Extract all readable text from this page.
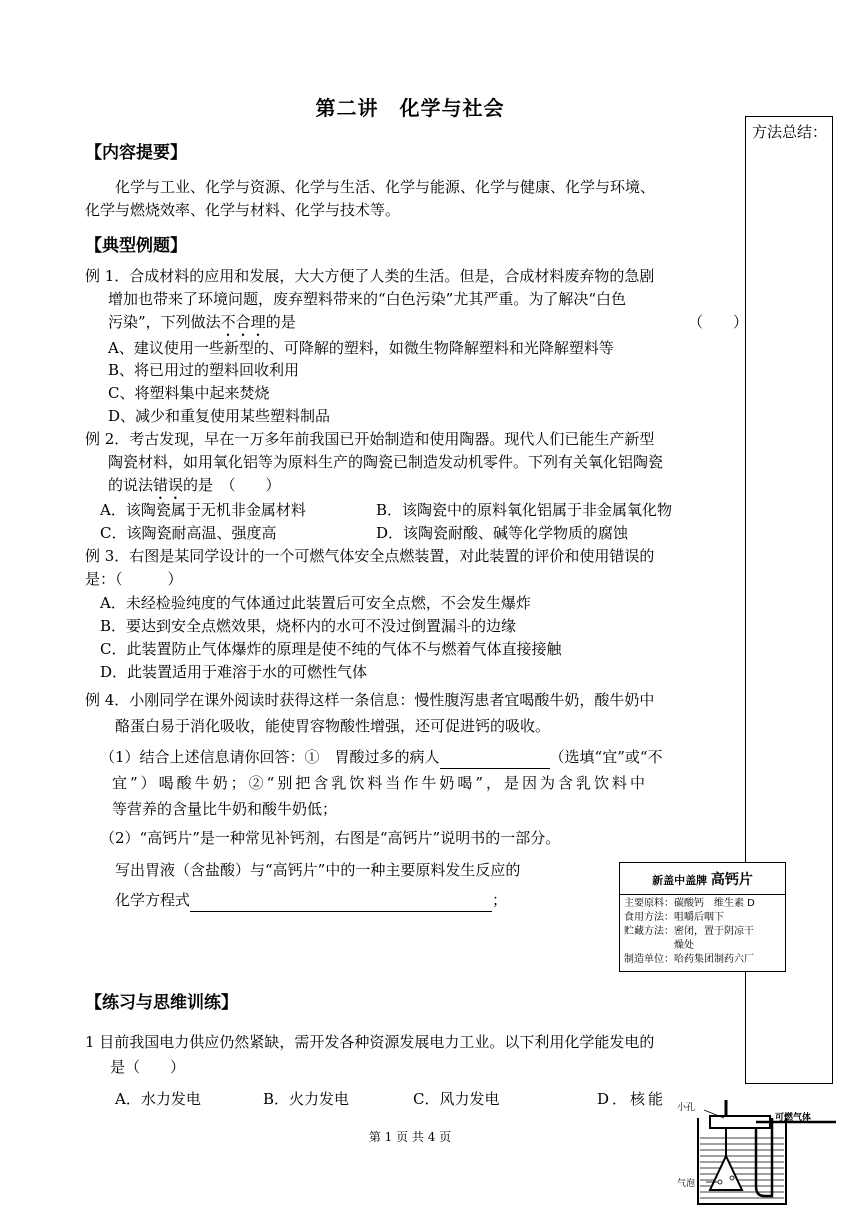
第二讲　化学与社会
方法总结：
【内容提要】
化学与工业、化学与资源、化学与生活、化学与能源、化学与健康、化学与环境、
化学与燃烧效率、化学与材料、化学与技术等。
【典型例题】
例 1．合成材料的应用和发展，大大方便了人类的生活。但是，合成材料废弃物的急剧
增加也带来了环境问题，废弃塑料带来的“白色污染”尤其严重。为了解决“白色
污染”，下列做法不合理的是	（　　）
A、建议使用一些新型的、可降解的塑料，如微生物降解塑料和光降解塑料等
B、将已用过的塑料回收利用
C、将塑料集中起来焚烧
D、减少和重复使用某些塑料制品
例 2．考古发现，早在一万多年前我国已开始制造和使用陶器。现代人们已能生产新型
陶瓷材料，如用氧化铝等为原料生产的陶瓷已制造发动机零件。下列有关氧化铝陶瓷
的说法错误的是　（　　）
A．该陶瓷属于无机非金属材料	B．该陶瓷中的原料氧化铝属于非金属氧化物
C．该陶瓷耐高温、强度高	D．该陶瓷耐酸、碱等化学物质的腐蚀
例 3．右图是某同学设计的一个可燃气体安全点燃装置，对此装置的评价和使用错误的
是：（　　　）
A．未经检验纯度的气体通过此装置后可安全点燃，不会发生爆炸
B．要达到安全点燃效果，烧杯内的水可不没过倒置漏斗的边缘
C．此装置防止气体爆炸的原理是使不纯的气体不与燃着气体直接接触
D．此装置适用于难溶于水的可燃性气体
例 4．小刚同学在课外阅读时获得这样一条信息：慢性腹泻患者宜喝酸牛奶，酸牛奶中
酪蛋白易于消化吸收，能使胃容物酸性增强，还可促进钙的吸收。
（1）结合上述信息请你回答：①　胃酸过多的病人	（选填“宜”或“不
宜”）喝酸牛奶；②“别把含乳饮料当作牛奶喝”，是因为含乳饮料中
等营养的含量比牛奶和酸牛奶低；
（2）“高钙片”是一种常见补钙剂，右图是“高钙片”说明书的一部分。
写出胃液（含盐酸）与“高钙片”中的一种主要原料发生反应的
化学方程式	；
新盖中盖牌 高钙片
主要原料：碳酸钙　维生素 D
食用方法：咀嚼后咽下
贮藏方法：密闭，置于阴凉干
　　　　　燥处
制造单位：哈药集团制药六厂
【练习与思维训练】
1 目前我国电力供应仍然紧缺，需开发各种资源发展电力工业。以下利用化学能发电的
是（　　）
A．水力发电	B．火力发电	C．风力发电	D．核能
第 1 页 共 4 页
小孔
可燃气体
气泡
